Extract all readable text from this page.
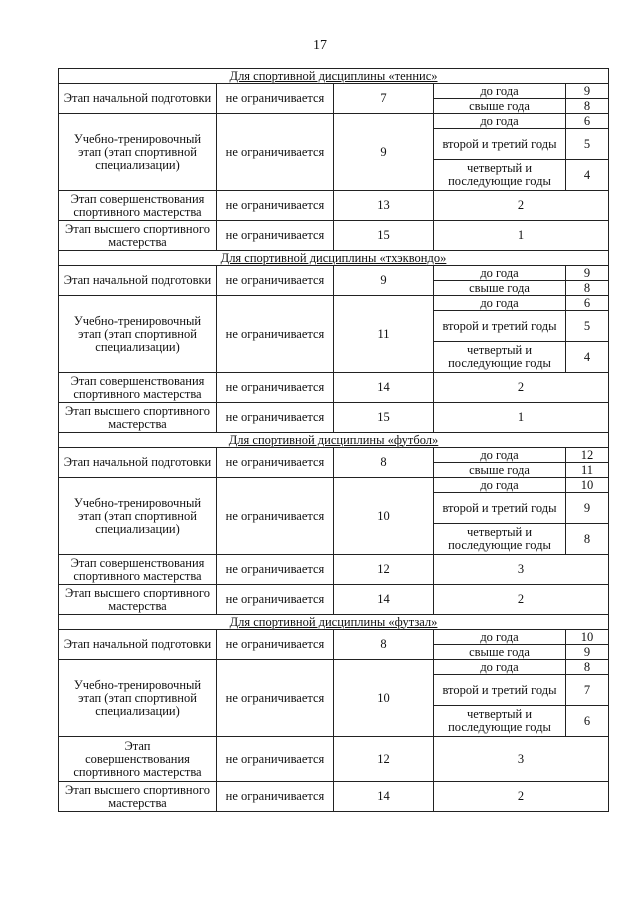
17
Для спортивной дисциплины «теннис»				
Этап начальной подготовки	не ограничивается	7	до года	9
			свыше года	8
Учебно-тренировочный этап (этап спортивной специализации)	не ограничивается	9	до года	6
			второй и третий годы	5
			четвертый и последующие годы	4
Этап совершенствования спортивного мастерства	не ограничивается	13	2	
Этап высшего спортивного мастерства	не ограничивается	15	1	
Для спортивной дисциплины «тхэквондо»				
Этап начальной подготовки	не ограничивается	9	до года	9
			свыше года	8
Учебно-тренировочный этап (этап спортивной специализации)	не ограничивается	11	до года	6
			второй и третий годы	5
			четвертый и последующие годы	4
Этап совершенствования спортивного мастерства	не ограничивается	14	2	
Этап высшего спортивного мастерства	не ограничивается	15	1	
Для спортивной дисциплины «футбол»				
Этап начальной подготовки	не ограничивается	8	до года	12
			свыше года	11
Учебно-тренировочный этап (этап спортивной специализации)	не ограничивается	10	до года	10
			второй и третий годы	9
			четвертый и последующие годы	8
Этап совершенствования спортивного мастерства	не ограничивается	12	3	
Этап высшего спортивного мастерства	не ограничивается	14	2	
Для спортивной дисциплины «футзал»				
Этап начальной подготовки	не ограничивается	8	до года	10
			свыше года	9
Учебно-тренировочный этап (этап спортивной специализации)	не ограничивается	10	до года	8
			второй и третий годы	7
			четвертый и последующие годы	6

Этап
совершенствования спортивного мастерства	не ограничивается	12	3	
Этап высшего спортивного мастерства	не ограничивается	14	2	
